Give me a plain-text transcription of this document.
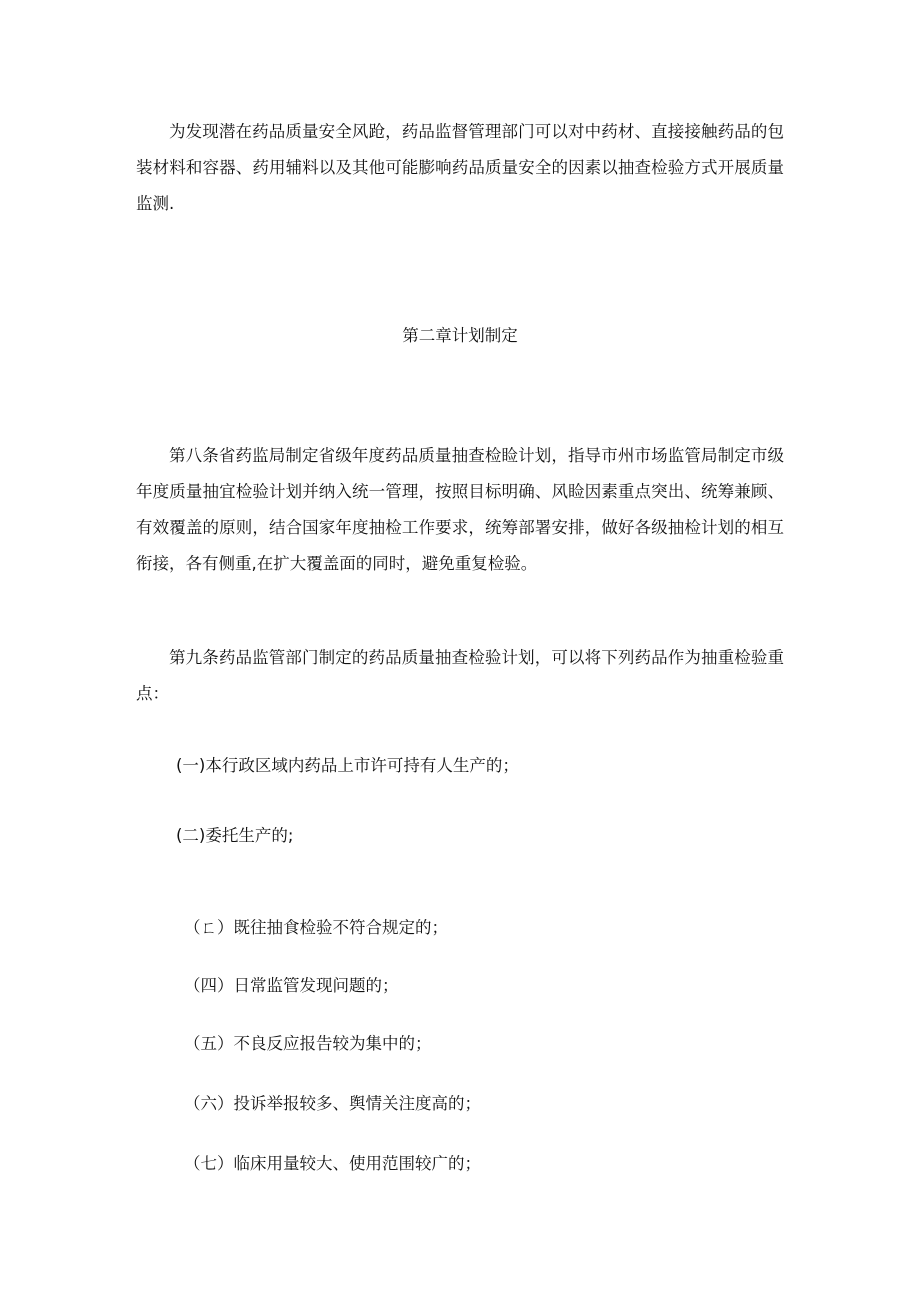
为发现潜在药品质量安全风跄，药品监督管理部门可以对中药材、直接接触药品的包装材料和容器、药用辅料以及其他可能膨响药品质量安全的因素以抽查检验方式开展质量监测.

第二章计划制定

第八条省药监局制定省级年度药品质量抽查检睑计划，指导市州市场监管局制定市级年度质量抽宜检验计划并纳入统一管理，按照目标明确、风睑因素重点突出、统筹兼顾、有效覆盖的原则，结合国家年度抽检工作要求，统筹部署安排，做好各级抽检计划的相互衔接，各有侧重,在扩大覆盖面的同时，避免重复检验。

第九条药品监管部门制定的药品质量抽查检验计划，可以将下列药品作为抽重检验重点：

(一)本行政区域内药品上市许可持有人生产的；

(二)委托生产的;

（ㄈ）既往抽食检验不符合规定的；

（四）日常监管发现问题的；

（五）不良反应报告较为集中的；

（六）投诉举报较多、舆情关注度高的；

（七）临床用量较大、使用范围较广的；
